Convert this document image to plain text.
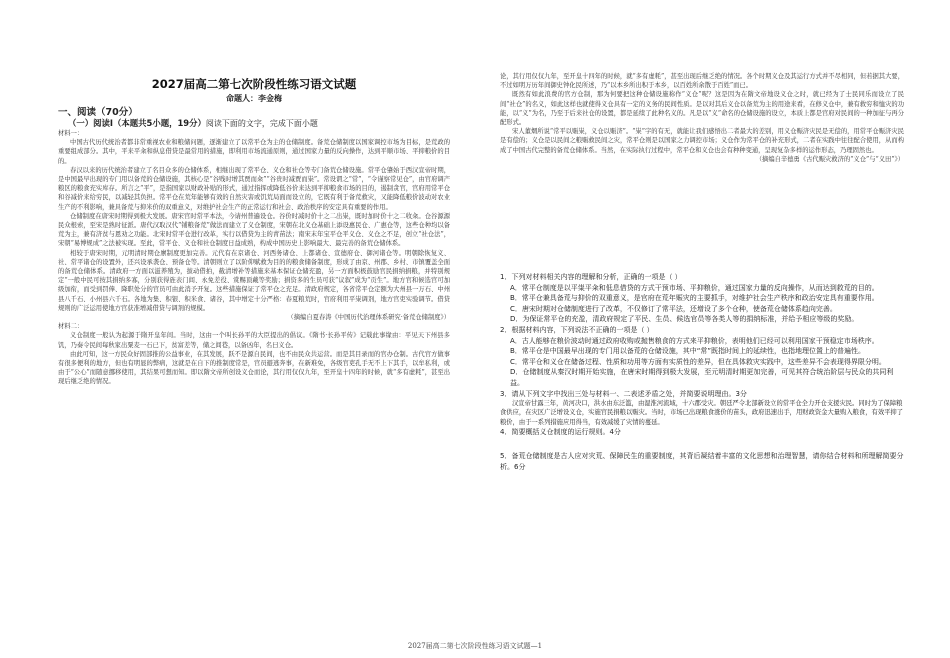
2027届高二第七次阶段性练习语文试题
命题人：李金梅
一、阅读（70分）
（一）阅读Ⅰ（本题共5小题，19分）阅读下面的文字，完成下面小题

材料一：

中国古代历代统治者都非常重视农业和粮储问题，逐渐建立了以常平仓为主的仓储制度。备荒仓储制度以国家调控市场为目标，是荒政的重要组成部分。其中，平来平籴和纵息借贷是最常用的措施，即利用市场流通原则，通过国家力量的反向操作，达到平顺市场、平抑粮价的目的。

春汉以来的历代统治者建立了名目众多的仓储体系，相继出现了常平仓、义仓和社仓等专门备荒仓储设施。常平仓肇始于西汉宣帝时期，是中国最早出现的专门用以备荒的仓储设施，其核心是“谷贱时增其贾而籴”“谷贵时减贾而粜”。常设谓之“常”，“令谨察常见仓”，由官府调产粮区的粮食充实库存。所言之“平”，是指国家以财政补贴的形式，通过指挥或降低谷价来达到平抑粮食市场的目的，遏制贪官，官府用常平仓和谷减价来给穷民，以减轻其负担。常平仓在荒年能够有效的自然灾害或饥荒局面而设立的，它既有利于备荒救灾，又能降低粮价波动对农业生产的不利影响，兼具备荒与抑米价的双重意义，对维护社会生产的正常运行和社会、政治秩序的安定具有重要的作用。

仓储制度在唐宋时期得到极大发展。唐宋官时常平本法，今请州普遍设仓。谷价时减时价十之二出粜，既时加时价十之二收籴。仓谷源源民众根索，至宋是熟时征派。唐代汉取汉代“铺粮备荒”做法而建立了义仓制度，宋朝在北义仓基础上添设惠民仓、广惠仓等，这些仓种均以备荒为主，兼有济贫与恩劝之功能。北宋时常平仓进行改革，实行以借贷为主的青苗法；南宋末年宝平仓平义仓、义仓之不足，创立“社仓法”，宋朝“易博规成”之法被实现。至此，常平仓、义仓和社仓制度日益成熟，构成中国历史上影响最大、最完善的备荒仓储体系。

相较于唐宋时期，元明清时期仓廪制度更加完善。元代有在京诸仓、河西务诸仓、上都诸仓、宣德府仓、御河诸仓等。明朝除恢复义、社、常平诸仓的设置外，还兴设承袭仓、预备仓等。清朝则立了以阶仰赋救为目的的粮食储备制度，形成了由京、州郡、乡村、市镇覆盖全面的备荒仓储体系。清政府一方面以滋养殖为，拔动借拍，截清增补等措施来基本保证仓储充盈，另一方面积极鼓励官民捐纳捐粮，并特别规定“一般中民可按其捐纳多寡，分别获得旌表门闾、永免差役、赏赐顶戴等奖励；捐资多的生员可获“议叙”成为“贡生”。地方官和候选官可加级加衔，而受到罚俸、降职处分的官员可由此消予开复。这些措施保证了常平仓之充足。清政府规定，各省常平仓定额为大州县一万石、中州县八千石、小州县六千石。各地为集、积银、积米食、诸谷，其中增定十分严格：春夏粮荒时，官府利用平粜调剂，地方官吏实验调节。借贷规则的广泛运用使地方官获准增减借贷与调剂的规模。

（摘编自夏春涛《中国历代治理体系研究·备荒仓储制度》）

材料二：

义仓制度一般认为起源于隋开皇年间。当时，这由一个叫长孙平的大臣提出的倡议。《隋书·长孙平传》记载此事缘由：平见天下州县多饥，乃奏令民间每秋家出粟麦一石已下，贫富差等，储之闾巷，以备凶年，名曰义仓。

由此可知，这一方民众好固部推的公益事业，在其发展，跃不是源自民间，也不由民众共运营。而是其目录而的官办仓制。古代官方做事有很多便利的地方，但也有明显的弊病，这就是在自下的推制度常是，官员避逃奔事，在新难免，各级官吏孔手无不上下其手，以牟私利，或由于“公心”而随意挪移使用，其结果可想而知。即以隋文帝所创设义仓而论，其行用仅仅九年，至开皇十四年的时候，就“多有虚耗”，甚至出现后继乏绝的情况。

论，其行用仅仅九年，至开皇十四年的时候，就“多有虚耗”，甚至出现后继乏绝的情况。各个时期义仓及其运行方式并不尽相同，但若据其大要，不过如明万历年间御史钟化民所述，乃“以本乡所出积于本乡，以百姓所余散于百姓”而已。

既然有如此浪费的官方仓制，那为何要把这种仓储设施称作“义仓”呢？这是因为在隋文帝地设义仓之时，就已经为了士民同乐而设立了民间“社仓”的名义，如此这样也就使得义仓具有一定的义务的民间性质。是以对其后义仓以备荒为主的用途来看，在修义仓中，兼有救穷和恤灾的功能，以“义”为名，乃至于后来社仓的设置，都是延续了此种名义的。凡是以“义”命名的仓储设施的设立，本质上都是官府对民间的一种加征与再分配形式。

宋人董煟所说“常平以赈粜，义仓以赈济”。“粜”字的有无，就能让我们感悟出二者最大的差别，用义仓赈济灾民是无偿的，用常平仓赈济灾民是有偿的；义仓是以民间之粮赈救民间之灾，常平仓则是以国家之力调控市场；义仓作为常平仓的补充形式，二者在实践中往往配合使用，从而构成了中国古代完整的备荒仓储体系。当然，在实际执行过程中，常平仓和义仓也会有种种变通，呈现复杂多样的运作形态，乃理固然也。

（摘编自辛德勇《古代赈灾救济的“义仓”与“义田”》）

1．下列对材料相关内容的理解和分析，正确的一项是（ ）

A．常平仓制度是以平粜平籴和低息借贷的方式干预市场、平抑粮价，通过国家力量的反向操作，从而达到救荒的目的。

B．常平仓兼具备荒与抑价的双重意义，是官府在荒年赈灾的主要抓手，对维护社会生产秩序和政治安定具有重要作用。

C．唐宋时期对仓储制度进行了改革，不仅修订了常平法，还增设了多个仓种，使备荒仓储体系趋向完善。

D．为保证常平仓的充盈，清政府规定了平民、生员、候选官员等各类人等的捐纳标准，并给予相应等级的奖励。

2．根据材料内容，下列说法不正确的一项是（ ）

A．古人能够在粮价波动时通过政府收购或抛售粮食的方式来平抑粮价，表明他们已经可以利用国家干预稳定市场秩序。

B．常平仓是中国最早出现的专门用以备荒的仓储设施，其中“常”既指时间上的延续性，也指地理位置上的普遍性。

C．常平仓和义仓在储备过程、性质和功用等方面有实质性的差异，但在具体救灾实践中，这些差异不会表现得界限分明。

D．仓储制度从秦汉时期开始实施，在唐宋时期得到极大发展，至元明清时期更加完善，可见其符合统治阶层与民众的共同利益。

3．请从下列文字中找出三处与材料一、二表述矛盾之处，并简要说明理由。3分

汉宣帝甘露三年，黄河决口，洪水由东泛滥，由湿淮河流域，十六郡受灾。朝廷严令北部新设立的常平仓全力开仓支援灾民。同时为了保障粮食供应，在灾区广泛增设义仓，实施官民捐粮以赈灾。当时，市场已出现粮食涨价的苗头，政府迅速出手，用财政资金大量购入粮食，有效平抑了粮价，由于一系列措施应用得当，有效减缓了灾情的蔓延。

4．简要概括义仓制度的运行规则。4分

5．备荒仓储制度是古人应对灾荒、保障民生的重要制度，其背后凝结着丰富的文化思想和治理智慧，请你结合材料和所理解简要分析。6分

2027届高二第七次阶段性练习语文试题—1
